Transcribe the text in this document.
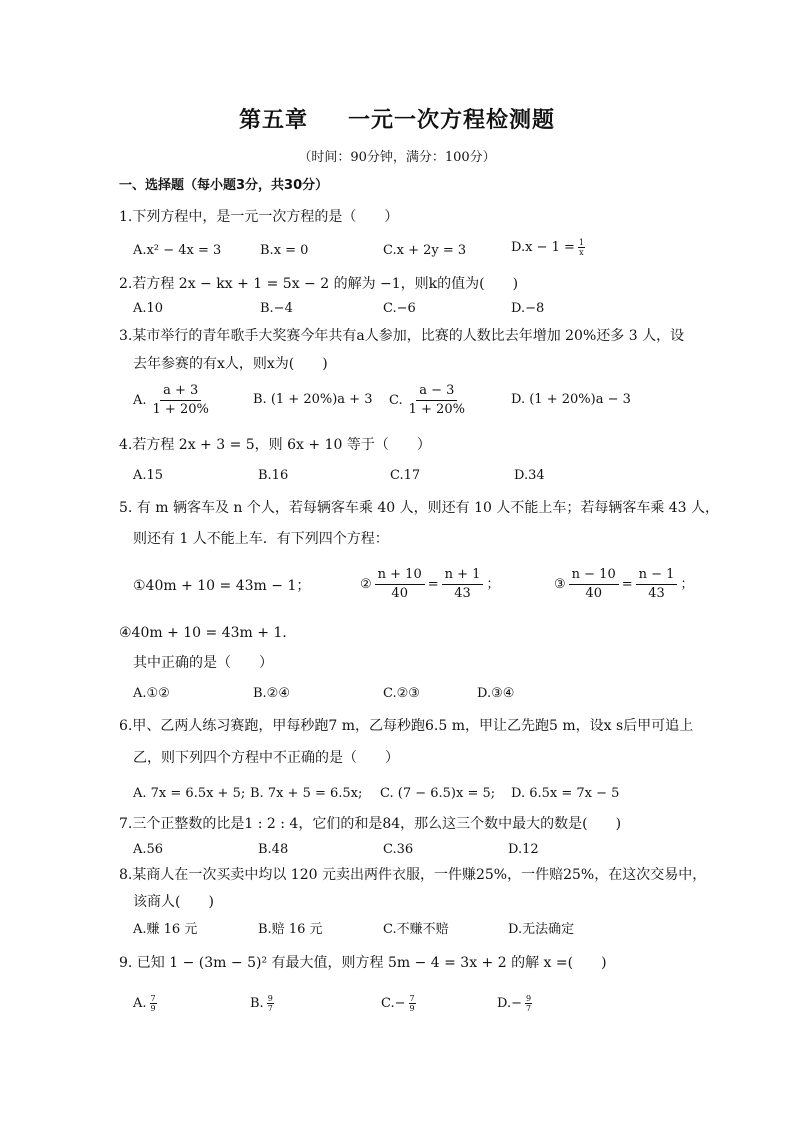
第五章 一元一次方程检测题
（时间：90分钟，满分：100分）
一、选择题（每小题3分，共30分）
1.下列方程中，是一元一次方程的是（　　）
A.x² − 4x = 3	B.x = 0	C.x + 2y = 3	$D.x - 1 = \frac{1}{x}$
2.若方程 2x − kx + 1 = 5x − 2 的解为 −1，则k的值为(　　)
A.10	B.−4	C.−6	D.−8
3.某市举行的青年歌手大奖赛今年共有a人参加，比赛的人数比去年增加 20%还多 3 人，设
去年参赛的有x人，则x为(　　)
A. $\frac{a + 3}{1 + 20\%}$	B. (1 + 20%)a + 3 C. $\frac{a - 3}{1 + 20\%}$	D. (1 + 20%)a − 3
4.若方程 2x + 3 = 5，则 6x + 10 等于（　　）
A.15	B.16	C.17	D.34
5. 有 m 辆客车及 n 个人，若每辆客车乘 40 人，则还有 10 人不能上车；若每辆客车乘 43 人，
则还有 1 人不能上车．有下列四个方程：
①40m + 10 = 43m − 1；	② $\frac{n + 10}{40} = \frac{n + 1}{43}$ ；	③ $\frac{n - 10}{40} = \frac{n - 1}{43}$ ；
④40m + 10 = 43m + 1．
其中正确的是（　　）
A.①②	B.②④	C.②③	D.③④
6.甲、乙两人练习赛跑，甲每秒跑7 m，乙每秒跑6.5 m，甲让乙先跑5 m，设x s后甲可追上
乙，则下列四个方程中不正确的是（　　）
A. 7x = 6.5x + 5; B. 7x + 5 = 6.5x; C. (7 − 6.5)x = 5; D. 6.5x = 7x − 5
7.三个正整数的比是1 : 2 : 4，它们的和是84，那么这三个数中最大的数是(　　)
A.56	B.48	C.36	D.12
8.某商人在一次买卖中均以 120 元卖出两件衣服，一件赚25%，一件赔25%，在这次交易中，
该商人(　　)
A.赚 16 元	B.赔 16 元	C.不赚不赔	D.无法确定
9. 已知 1 − (3m − 5)² 有最大值，则方程 5m − 4 = 3x + 2 的解 x =(　　)
A. $\frac{7}{9}$	B. $\frac{9}{7}$	$C.- \frac{7}{9}$	$D.- \frac{9}{7}$
